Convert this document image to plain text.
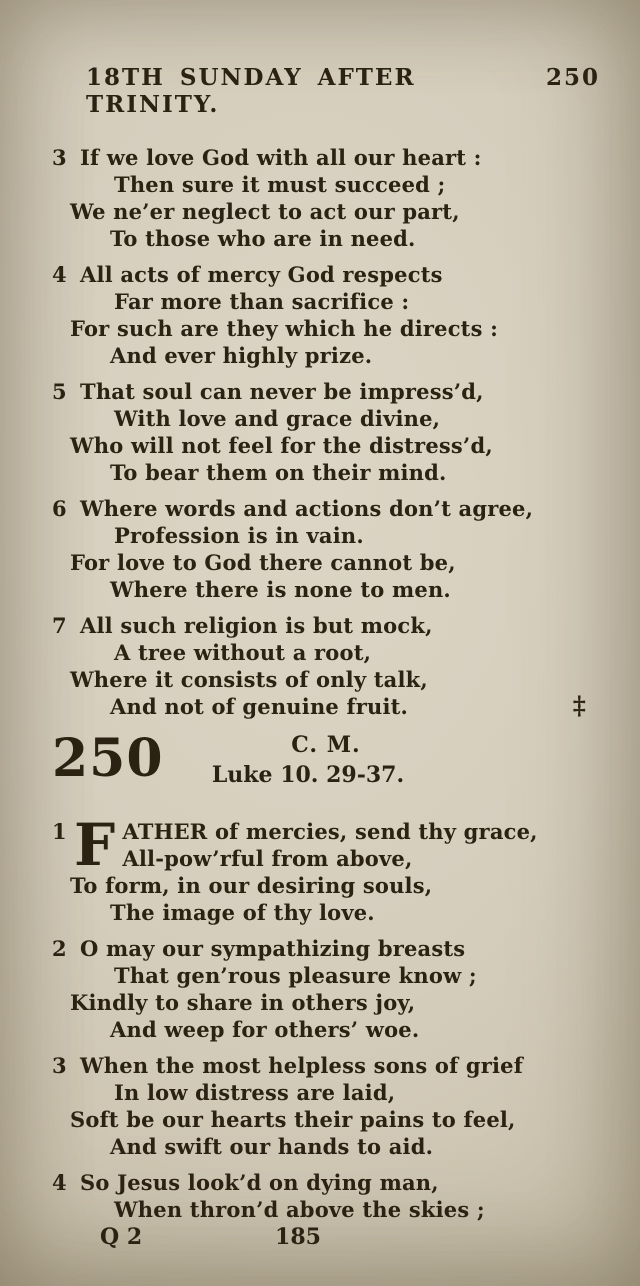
18TH SUNDAY AFTER TRINITY.
250
3 If we love God with all our heart :
Then sure it must succeed ;
We ne’er neglect to act our part,
To those who are in need.
4 All acts of mercy God respects
Far more than sacrifice :
For such are they which he directs :
And ever highly prize.
5 That soul can never be impress’d,
With love and grace divine,
Who will not feel for the distress’d,
To bear them on their mind.
6 Where words and actions don’t agree,
Profession is in vain.
For love to God there cannot be,
Where there is none to men.
7 All such religion is but mock,
A tree without a root,
Where it consists of only talk,
And not of genuine fruit.	‡
250	C. M.
Luke 10. 29-37.
1 F ATHER of mercies, send thy grace,
All-pow’rful from above,
To form, in our desiring souls,
The image of thy love.
2 O may our sympathizing breasts
That gen’rous pleasure know ;
Kindly to share in others joy,
And weep for others’ woe.
3 When the most helpless sons of grief
In low distress are laid,
Soft be our hearts their pains to feel,
And swift our hands to aid.
4 So Jesus look’d on dying man,
When thron’d above the skies ;
Q 2	185
